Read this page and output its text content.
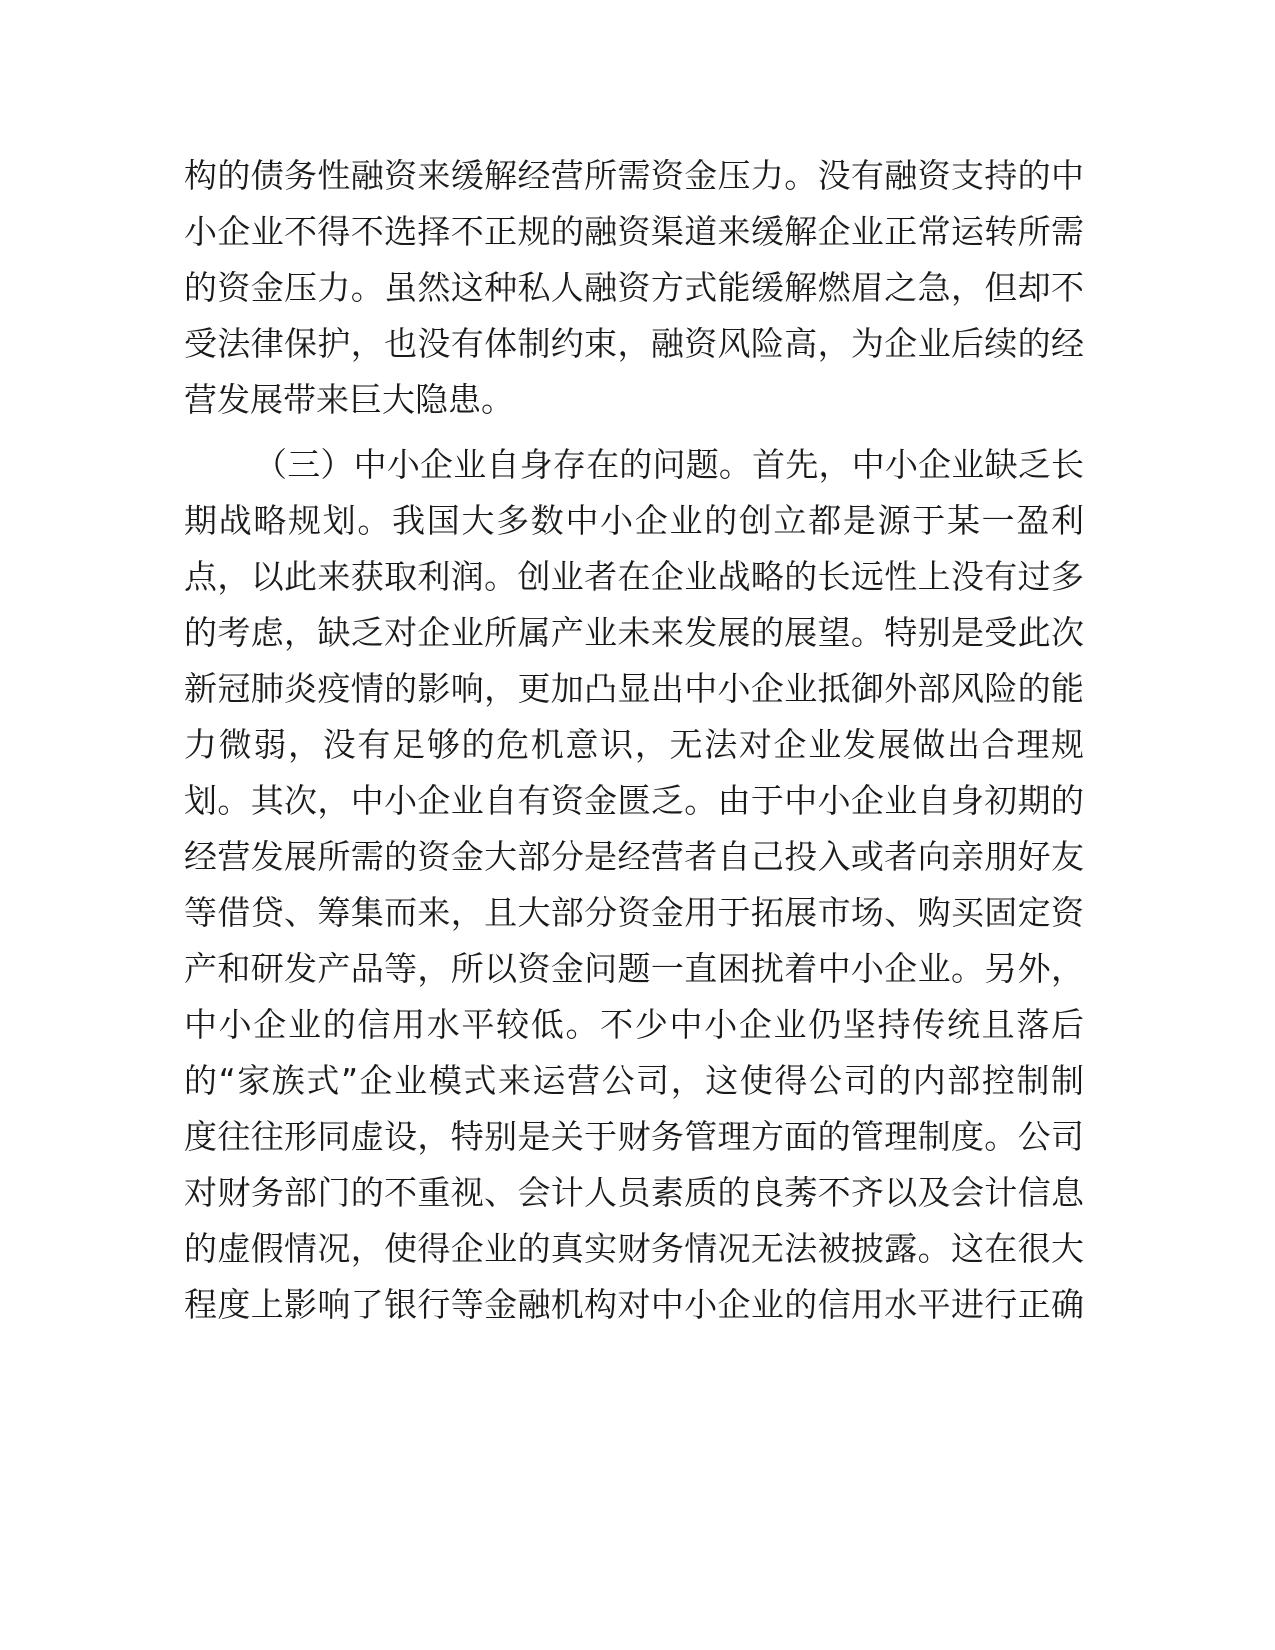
构的债务性融资来缓解经营所需资金压力。没有融资支持的中

小企业不得不选择不正规的融资渠道来缓解企业正常运转所需

的资金压力。虽然这种私人融资方式能缓解燃眉之急，但却不

受法律保护，也没有体制约束，融资风险高，为企业后续的经

营发展带来巨大隐患。

（三）中小企业自身存在的问题。首先，中小企业缺乏长

期战略规划。我国大多数中小企业的创立都是源于某一盈利

点，以此来获取利润。创业者在企业战略的长远性上没有过多

的考虑，缺乏对企业所属产业未来发展的展望。特别是受此次

新冠肺炎疫情的影响，更加凸显出中小企业抵御外部风险的能

力微弱，没有足够的危机意识，无法对企业发展做出合理规

划。其次，中小企业自有资金匮乏。由于中小企业自身初期的

经营发展所需的资金大部分是经营者自己投入或者向亲朋好友

等借贷、筹集而来，且大部分资金用于拓展市场、购买固定资

产和研发产品等，所以资金问题一直困扰着中小企业。另外，

中小企业的信用水平较低。不少中小企业仍坚持传统且落后

的“家族式”企业模式来运营公司，这使得公司的内部控制制

度往往形同虚设，特别是关于财务管理方面的管理制度。公司

对财务部门的不重视、会计人员素质的良莠不齐以及会计信息

的虚假情况，使得企业的真实财务情况无法被披露。这在很大

程度上影响了银行等金融机构对中小企业的信用水平进行正确
